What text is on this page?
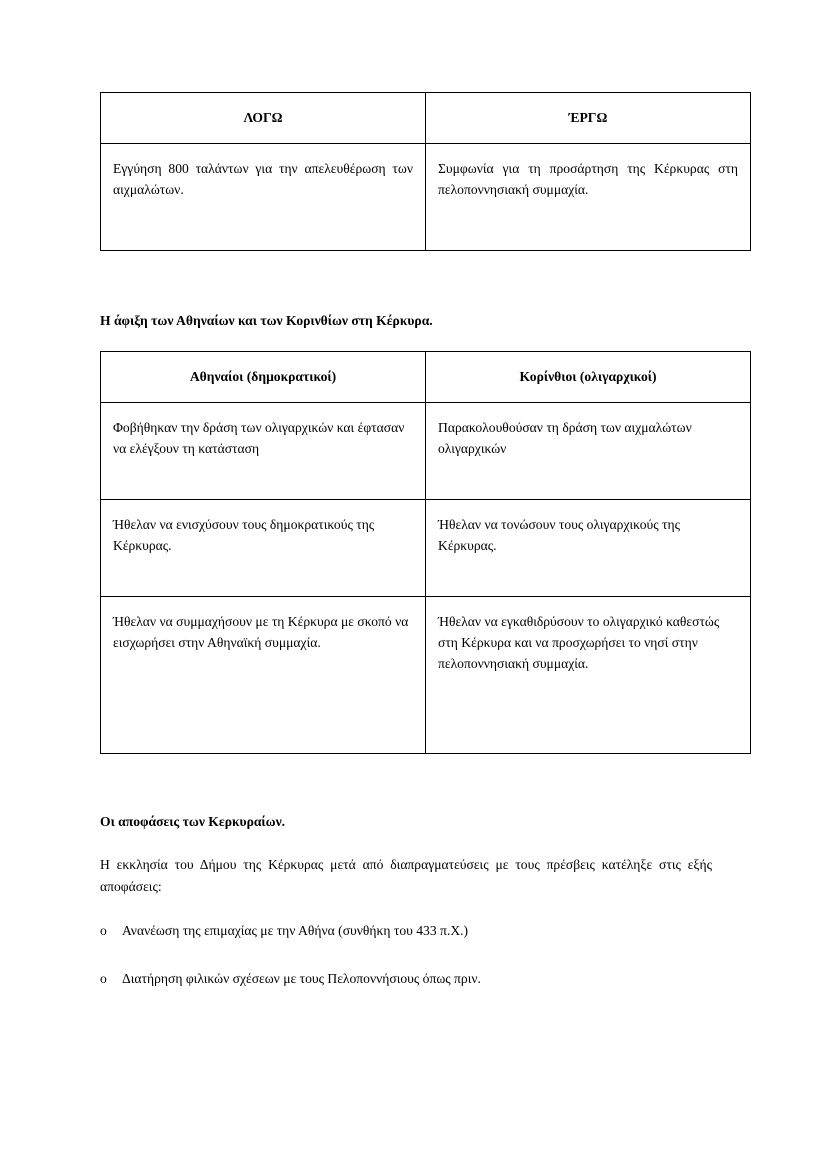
ΛΟΓΩ	ΈΡΓΩ
Εγγύηση 800 ταλάντων για την απελευθέρωση των αιχμαλώτων.	Συμφωνία για τη προσάρτηση της Κέρκυρας στη πελοποννησιακή συμμαχία.

Η άφιξη των Αθηναίων και των Κορινθίων στη Κέρκυρα.

Αθηναίοι (δημοκρατικοί)	Κορίνθιοι (ολιγαρχικοί)
Φοβήθηκαν την δράση των ολιγαρχικών και έφτασαν να ελέγξουν τη κατάσταση	Παρακολουθούσαν τη δράση των αιχμαλώτων ολιγαρχικών
Ήθελαν να ενισχύσουν τους δημοκρατικούς της Κέρκυρας.	Ήθελαν να τονώσουν τους ολιγαρχικούς της Κέρκυρας.
Ήθελαν να συμμαχήσουν με τη Κέρκυρα με σκοπό να εισχωρήσει στην Αθηναϊκή συμμαχία.	Ήθελαν να εγκαθιδρύσουν το ολιγαρχικό καθεστώς στη Κέρκυρα και να προσχωρήσει το νησί στην πελοποννησιακή συμμαχία.

Οι αποφάσεις των Κερκυραίων.

Η εκκλησία του Δήμου της Κέρκυρας μετά από διαπραγματεύσεις με τους πρέσβεις κατέληξε στις εξής αποφάσεις:

o Ανανέωση της επιμαχίας με την Αθήνα (συνθήκη του 433 π.Χ.)
o Διατήρηση φιλικών σχέσεων με τους Πελοποννήσιους όπως πριν.
